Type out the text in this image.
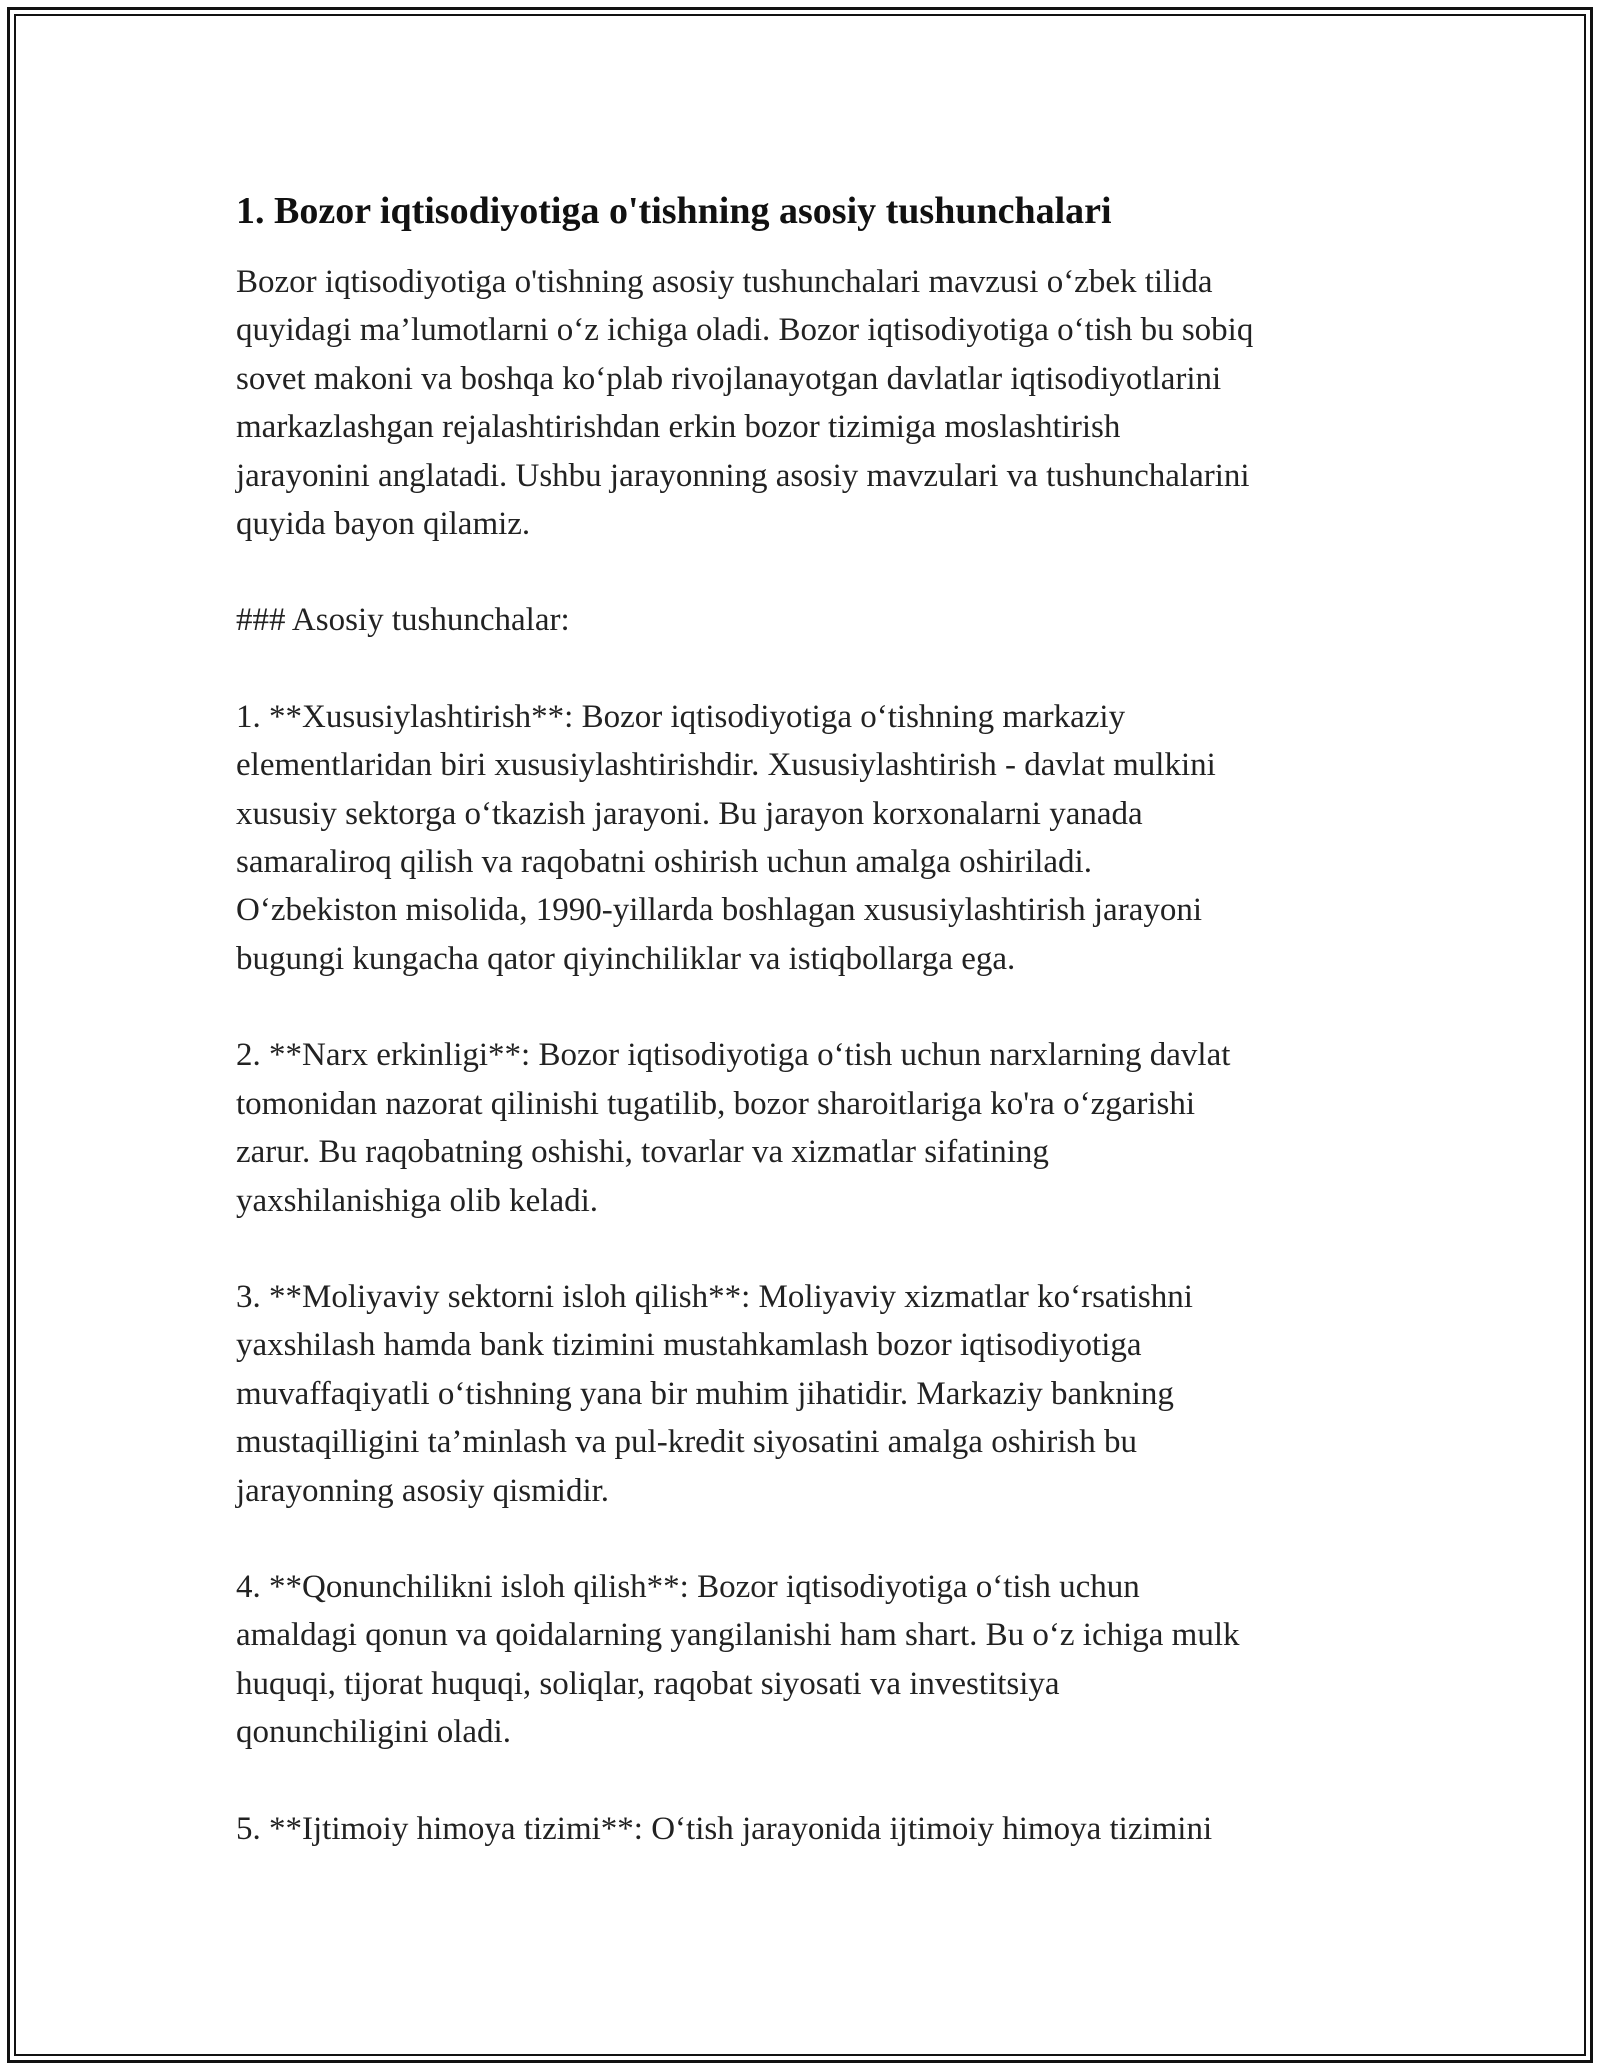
1. Bozor iqtisodiyotiga o'tishning asosiy tushunchalari

Bozor iqtisodiyotiga o'tishning asosiy tushunchalari mavzusi o‘zbek tilida
quyidagi ma’lumotlarni o‘z ichiga oladi. Bozor iqtisodiyotiga o‘tish bu sobiq
sovet makoni va boshqa ko‘plab rivojlanayotgan davlatlar iqtisodiyotlarini
markazlashgan rejalashtirishdan erkin bozor tizimiga moslashtirish
jarayonini anglatadi. Ushbu jarayonning asosiy mavzulari va tushunchalarini
quyida bayon qilamiz.

### Asosiy tushunchalar:

1. **Xususiylashtirish**: Bozor iqtisodiyotiga o‘tishning markaziy
elementlaridan biri xususiylashtirishdir. Xususiylashtirish - davlat mulkini
xususiy sektorga o‘tkazish jarayoni. Bu jarayon korxonalarni yanada
samaraliroq qilish va raqobatni oshirish uchun amalga oshiriladi.
O‘zbekiston misolida, 1990-yillarda boshlagan xususiylashtirish jarayoni
bugungi kungacha qator qiyinchiliklar va istiqbollarga ega.

2. **Narx erkinligi**: Bozor iqtisodiyotiga o‘tish uchun narxlarning davlat
tomonidan nazorat qilinishi tugatilib, bozor sharoitlariga ko'ra o‘zgarishi
zarur. Bu raqobatning oshishi, tovarlar va xizmatlar sifatining
yaxshilanishiga olib keladi.

3. **Moliyaviy sektorni isloh qilish**: Moliyaviy xizmatlar ko‘rsatishni
yaxshilash hamda bank tizimini mustahkamlash bozor iqtisodiyotiga
muvaffaqiyatli o‘tishning yana bir muhim jihatidir. Markaziy bankning
mustaqilligini ta’minlash va pul-kredit siyosatini amalga oshirish bu
jarayonning asosiy qismidir.

4. **Qonunchilikni isloh qilish**: Bozor iqtisodiyotiga o‘tish uchun
amaldagi qonun va qoidalarning yangilanishi ham shart. Bu o‘z ichiga mulk
huquqi, tijorat huquqi, soliqlar, raqobat siyosati va investitsiya
qonunchiligini oladi.

5. **Ijtimoiy himoya tizimi**: O‘tish jarayonida ijtimoiy himoya tizimini
